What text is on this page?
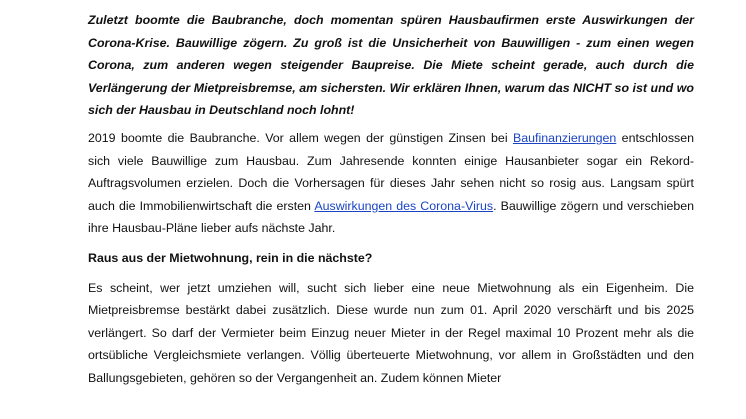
Zuletzt boomte die Baubranche, doch momentan spüren Hausbaufirmen erste Auswirkungen der Corona-Krise. Bauwillige zögern. Zu groß ist die Unsicherheit von Bauwilligen - zum einen wegen Corona, zum anderen wegen steigender Baupreise. Die Miete scheint gerade, auch durch die Verlängerung der Mietpreisbremse, am sichersten. Wir erklären Ihnen, warum das NICHT so ist und wo sich der Hausbau in Deutschland noch lohnt!

2019 boomte die Baubranche. Vor allem wegen der günstigen Zinsen bei Baufinanzierungen entschlossen sich viele Bauwillige zum Hausbau. Zum Jahresende konnten einige Hausanbieter sogar ein Rekord-Auftragsvolumen erzielen. Doch die Vorhersagen für dieses Jahr sehen nicht so rosig aus. Langsam spürt auch die Immobilienwirtschaft die ersten Auswirkungen des Corona-Virus. Bauwillige zögern und verschieben ihre Hausbau-Pläne lieber aufs nächste Jahr.

Raus aus der Mietwohnung, rein in die nächste?

Es scheint, wer jetzt umziehen will, sucht sich lieber eine neue Mietwohnung als ein Eigenheim. Die Mietpreisbremse bestärkt dabei zusätzlich. Diese wurde nun zum 01. April 2020 verschärft und bis 2025 verlängert. So darf der Vermieter beim Einzug neuer Mieter in der Regel maximal 10 Prozent mehr als die ortsübliche Vergleichsmiete verlangen. Völlig überteuerte Mietwohnung, vor allem in Großstädten und den Ballungsgebieten, gehören so der Vergangenheit an. Zudem können Mieter
